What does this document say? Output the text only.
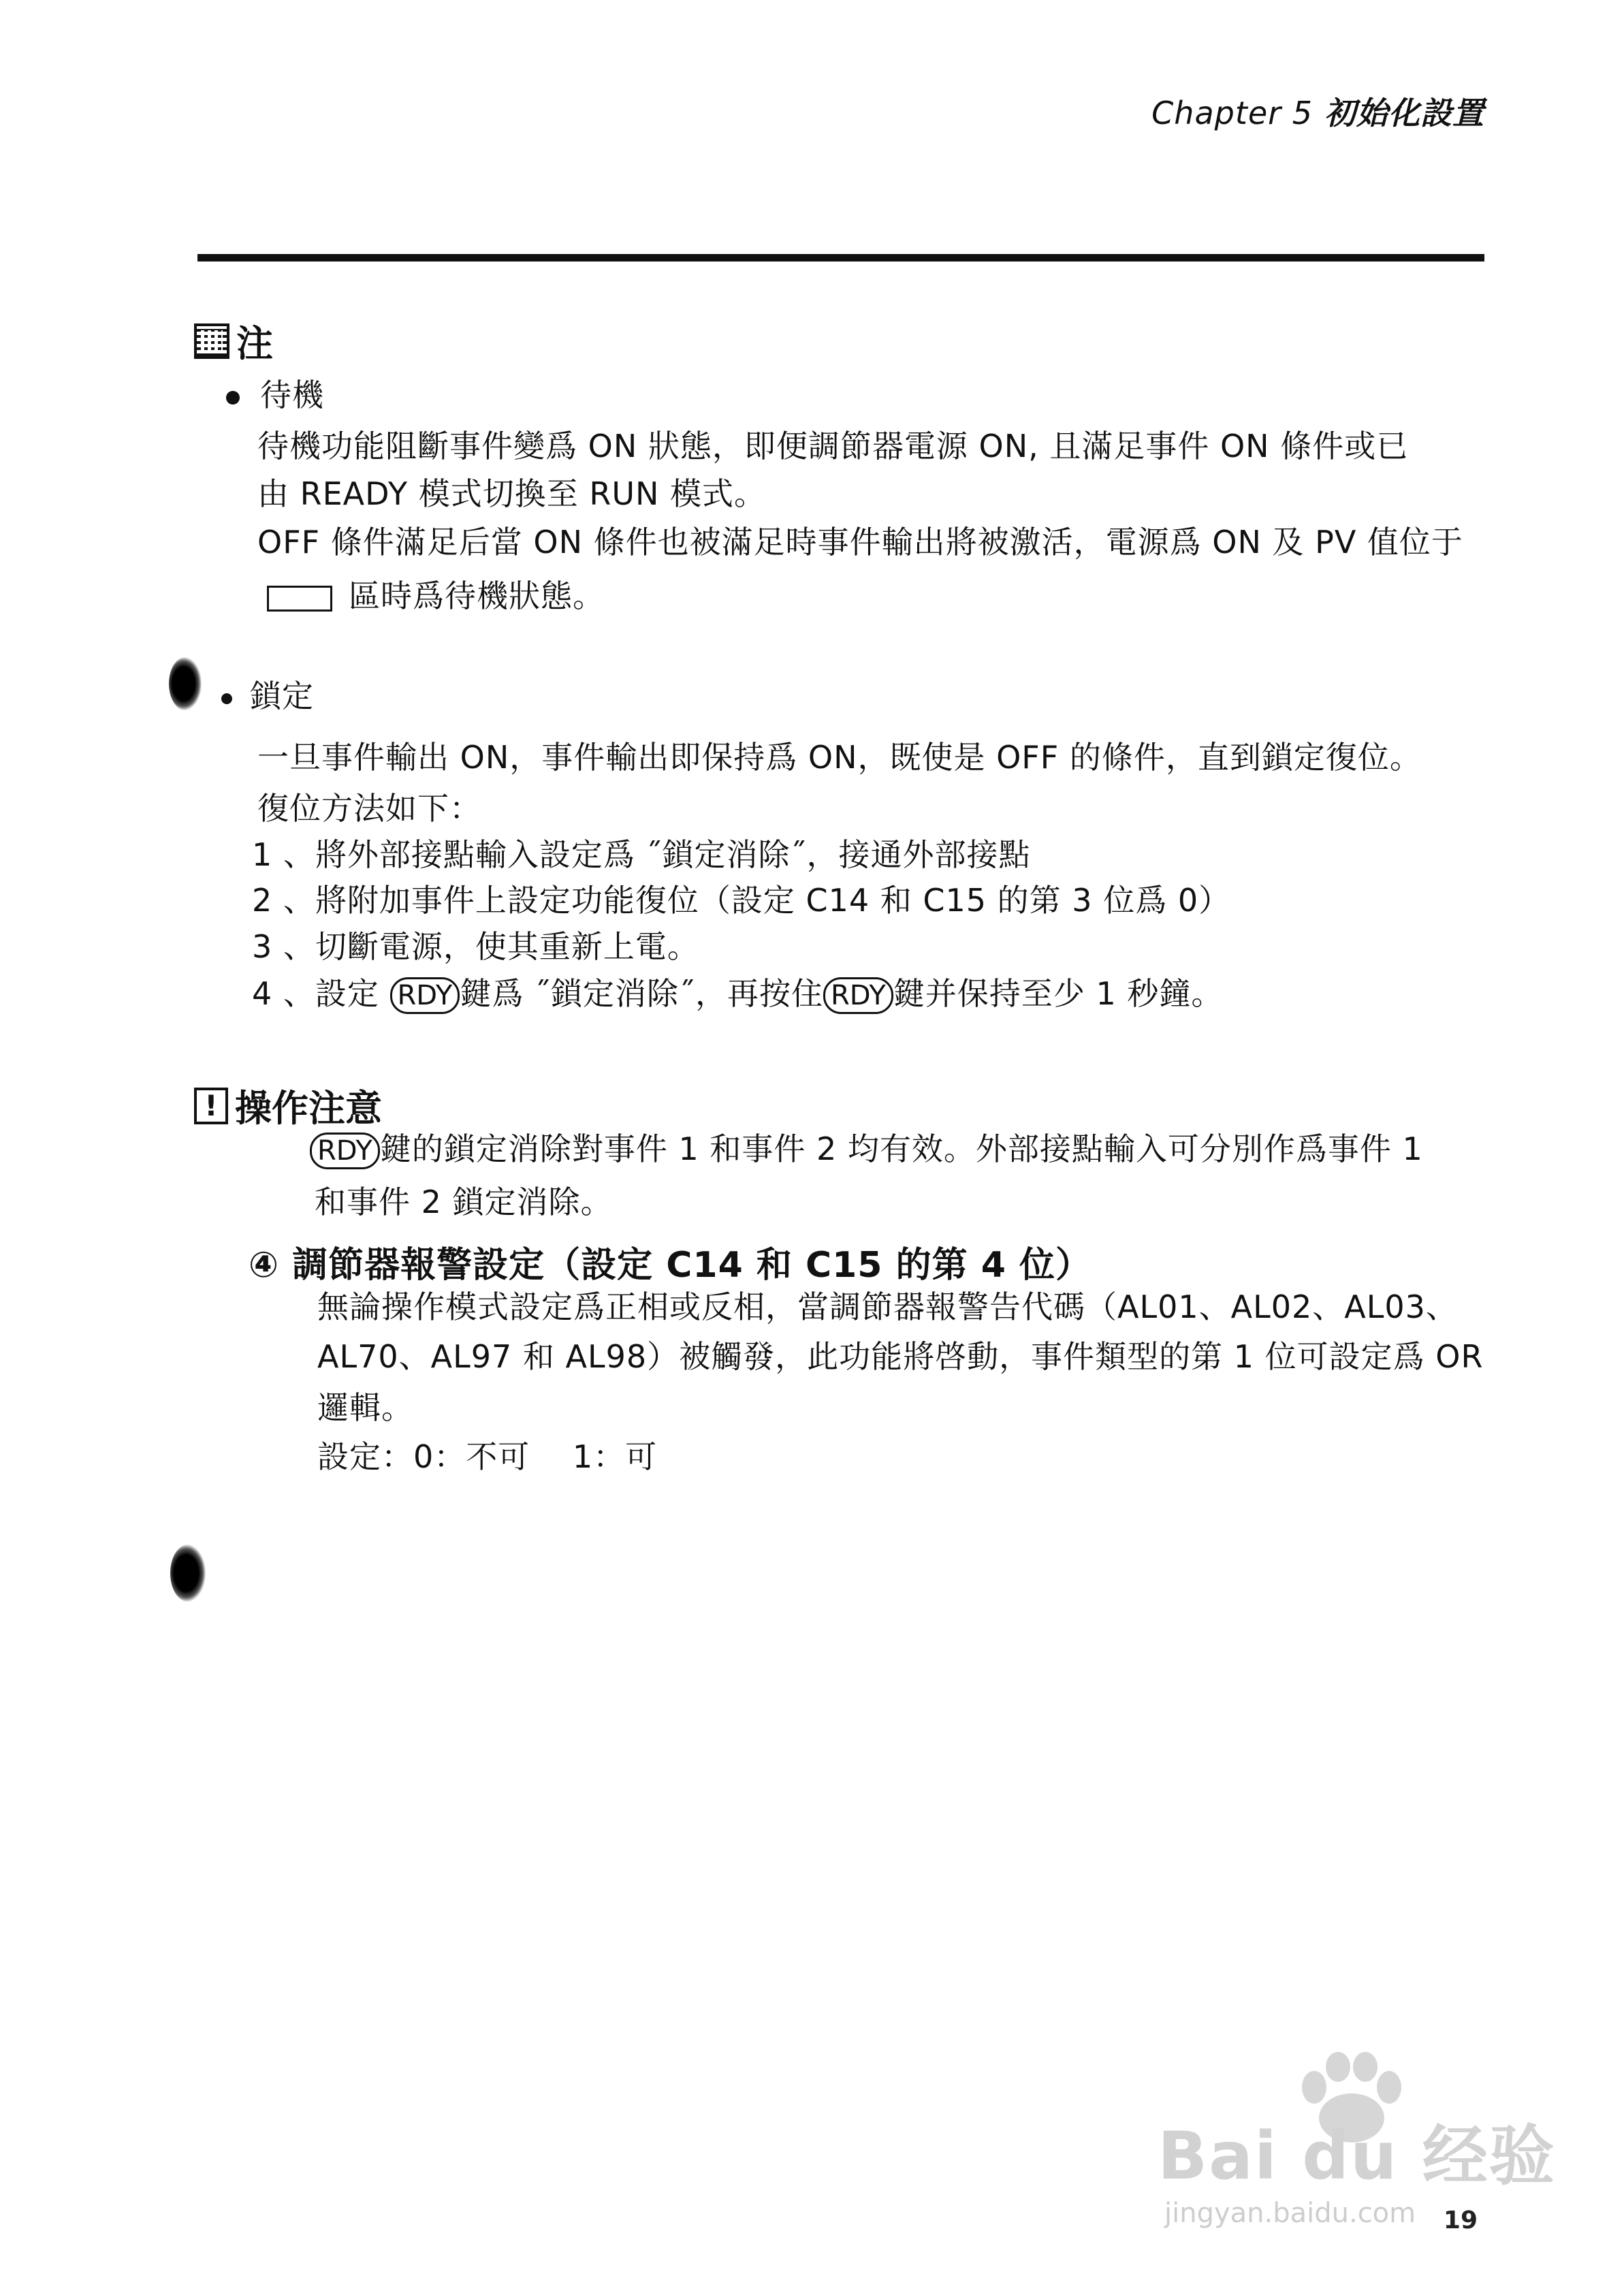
Chapter 5 初始化設置
注
待機
待機功能阻斷事件變爲 ON 狀態，即便調節器電源 ON, 且滿足事件 ON 條件或已
由 READY 模式切換至 RUN 模式。
OFF 條件滿足后當 ON 條件也被滿足時事件輸出將被激活，電源爲 ON 及 PV 值位于
區時爲待機狀態。
鎖定
一旦事件輸出 ON，事件輸出即保持爲 ON，既使是 OFF 的條件，直到鎖定復位。
復位方法如下：
1 、將外部接點輸入設定爲 ˝鎖定消除˝，接通外部接點
2 、將附加事件上設定功能復位（設定 C14 和 C15 的第 3 位爲 0）
3 、切斷電源，使其重新上電。
4 、設定 RDY 鍵爲 ˝鎖定消除˝，再按住 RDY 鍵并保持至少 1 秒鐘。
! 操作注意
RDY 鍵的鎖定消除對事件 1 和事件 2 均有效。外部接點輸入可分別作爲事件 1
和事件 2 鎖定消除。
④ 調節器報警設定（設定 C14 和 C15 的第 4 位）
無論操作模式設定爲正相或反相，當調節器報警告代碼（AL01、AL02、AL03、
AL70、AL97 和 AL98）被觸發，此功能將啓動，事件類型的第 1 位可設定爲 OR
邏輯。
設定：0：不可　 1：可
Bai du 经验
jingyan.baidu.com	19
